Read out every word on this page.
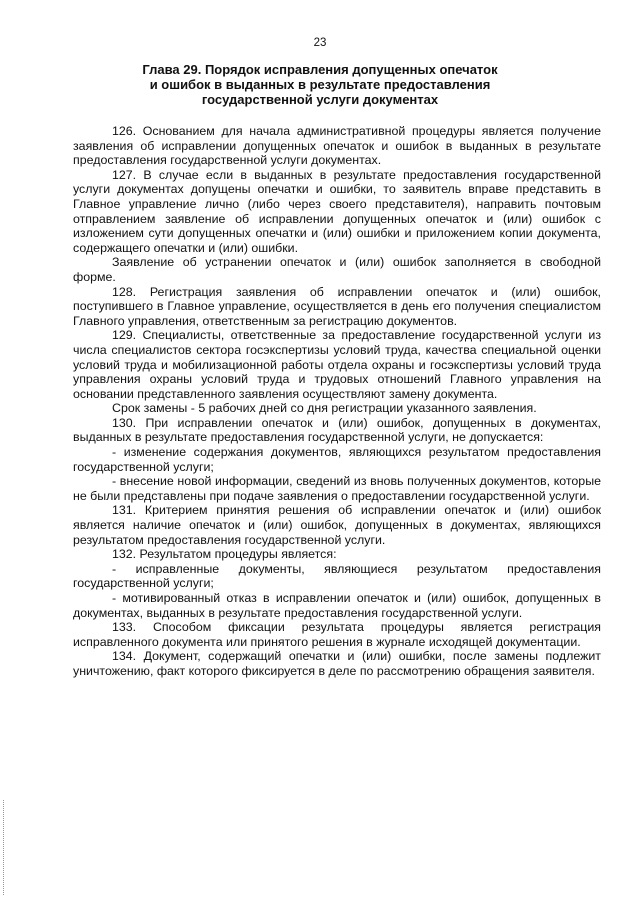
23
Глава 29. Порядок исправления допущенных опечаток
и ошибок в выданных в результате предоставления
государственной услуги документах

126. Основанием для начала административной процедуры является получение заявления об исправлении допущенных опечаток и ошибок в выданных в результате предоставления государственной услуги документах.

127. В случае если в выданных в результате предоставления государственной услуги документах допущены опечатки и ошибки, то заявитель вправе представить в Главное управление лично (либо через своего представителя), направить почтовым отправлением заявление об исправлении допущенных опечаток и (или) ошибок с изложением сути допущенных опечатки и (или) ошибки и приложением копии документа, содержащего опечатки и (или) ошибки.

Заявление об устранении опечаток и (или) ошибок заполняется в свободной форме.

128. Регистрация заявления об исправлении опечаток и (или) ошибок, поступившего в Главное управление, осуществляется в день его получения специалистом Главного управления, ответственным за регистрацию документов.

129. Специалисты, ответственные за предоставление государственной услуги из числа специалистов сектора госэкспертизы условий труда, качества специальной оценки условий труда и мобилизационной работы отдела охраны и госэкспертизы условий труда управления охраны условий труда и трудовых отношений Главного управления на основании представленного заявления осуществляют замену документа.

Срок замены - 5 рабочих дней со дня регистрации указанного заявления.

130. При исправлении опечаток и (или) ошибок, допущенных в документах, выданных в результате предоставления государственной услуги, не допускается:

- изменение содержания документов, являющихся результатом предоставления государственной услуги;

- внесение новой информации, сведений из вновь полученных документов, которые не были представлены при подаче заявления о предоставлении государственной услуги.

131. Критерием принятия решения об исправлении опечаток и (или) ошибок является наличие опечаток и (или) ошибок, допущенных в документах, являющихся результатом предоставления государственной услуги.

132. Результатом процедуры является:

- исправленные документы, являющиеся результатом предоставления государственной услуги;

- мотивированный отказ в исправлении опечаток и (или) ошибок, допущенных в документах, выданных в результате предоставления государственной услуги.

133. Способом фиксации результата процедуры является регистрация исправленного документа или принятого решения в журнале исходящей документации.

134. Документ, содержащий опечатки и (или) ошибки, после замены подлежит уничтожению, факт которого фиксируется в деле по рассмотрению обращения заявителя.
